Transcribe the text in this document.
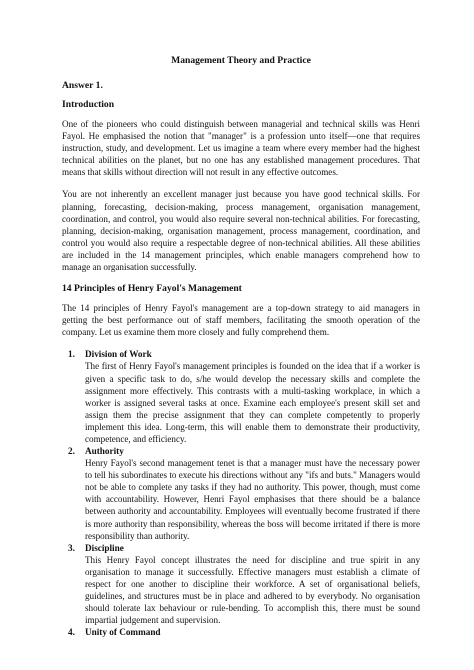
Management Theory and Practice
Answer 1.
Introduction

One of the pioneers who could distinguish between managerial and technical skills was Henri Fayol. He emphasised the notion that "manager" is a profession unto itself—one that requires instruction, study, and development. Let us imagine a team where every member had the highest technical abilities on the planet, but no one has any established management procedures. That means that skills without direction will not result in any effective outcomes.

You are not inherently an excellent manager just because you have good technical skills. For planning, forecasting, decision-making, process management, organisation management, coordination, and control, you would also require several non-technical abilities. For forecasting, planning, decision-making, organisation management, process management, coordination, and control you would also require a respectable degree of non-technical abilities. All these abilities are included in the 14 management principles, which enable managers comprehend how to manage an organisation successfully.

14 Principles of Henry Fayol's Management

The 14 principles of Henry Fayol's management are a top-down strategy to aid managers in getting the best performance out of staff members, facilitating the smooth operation of the company. Let us examine them more closely and fully comprehend them.

1. Division of Work
The first of Henry Fayol's management principles is founded on the idea that if a worker is given a specific task to do, s/he would develop the necessary skills and complete the assignment more effectively. This contrasts with a multi-tasking workplace, in which a worker is assigned several tasks at once. Examine each employee's present skill set and assign them the precise assignment that they can complete competently to properly implement this idea. Long-term, this will enable them to demonstrate their productivity, competence, and efficiency.
2. Authority
Henry Fayol's second management tenet is that a manager must have the necessary power to tell his subordinates to execute his directions without any "ifs and buts." Managers would not be able to complete any tasks if they had no authority. This power, though, must come with accountability. However, Henri Fayol emphasises that there should be a balance between authority and accountability. Employees will eventually become frustrated if there is more authority than responsibility, whereas the boss will become irritated if there is more responsibility than authority.
3. Discipline
This Henry Fayol concept illustrates the need for discipline and true spirit in any organisation to manage it successfully. Effective managers must establish a climate of respect for one another to discipline their workforce. A set of organisational beliefs, guidelines, and structures must be in place and adhered to by everybody. No organisation should tolerate lax behaviour or rule-bending. To accomplish this, there must be sound impartial judgement and supervision.
4. Unity of Command
